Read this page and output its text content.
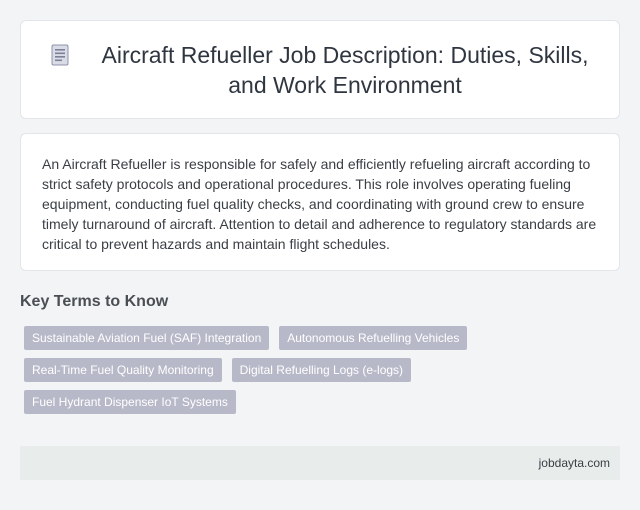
Aircraft Refueller Job Description: Duties, Skills, and Work Environment

An Aircraft Refueller is responsible for safely and efficiently refueling aircraft according to strict safety protocols and operational procedures. This role involves operating fueling equipment, conducting fuel quality checks, and coordinating with ground crew to ensure timely turnaround of aircraft. Attention to detail and adherence to regulatory standards are critical to prevent hazards and maintain flight schedules.

Key Terms to Know
Sustainable Aviation Fuel (SAF) Integration	Autonomous Refuelling Vehicles
Real-Time Fuel Quality Monitoring	Digital Refuelling Logs (e-logs)
Fuel Hydrant Dispenser IoT Systems
jobdayta.com
